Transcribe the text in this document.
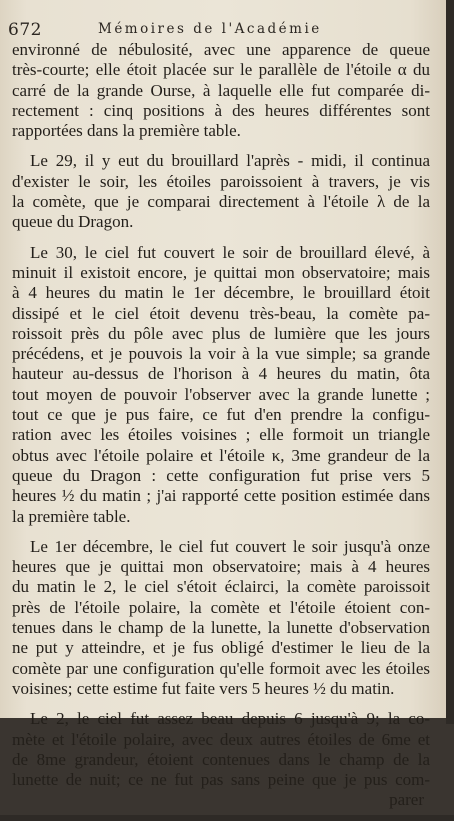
672	Mémoires de l'Académie
environné de nébulosité, avec une apparence de queue
très-courte; elle étoit placée sur le parallèle de l'étoile α du
carré de la grande Ourse, à laquelle elle fut comparée di-
rectement : cinq positions à des heures différentes sont
rapportées dans la première table.
Le 29, il y eut du brouillard l'après - midi, il continua
d'exister le soir, les étoiles paroissoient à travers, je vis
la comète, que je comparai directement à l'étoile λ de la
queue du Dragon.
Le 30, le ciel fut couvert le soir de brouillard élevé, à
minuit il existoit encore, je quittai mon observatoire; mais
à 4 heures du matin le 1er décembre, le brouillard étoit
dissipé et le ciel étoit devenu très-beau, la comète pa-
roissoit près du pôle avec plus de lumière que les jours
précédens, et je pouvois la voir à la vue simple; sa grande
hauteur au-dessus de l'horison à 4 heures du matin, ôta
tout moyen de pouvoir l'observer avec la grande lunette ;
tout ce que je pus faire, ce fut d'en prendre la configu-
ration avec les étoiles voisines ; elle formoit un triangle
obtus avec l'étoile polaire et l'étoile κ, 3me grandeur de la
queue du Dragon : cette configuration fut prise vers 5
heures ½ du matin ; j'ai rapporté cette position estimée dans
la première table.
Le 1er décembre, le ciel fut couvert le soir jusqu'à onze
heures que je quittai mon observatoire; mais à 4 heures
du matin le 2, le ciel s'étoit éclairci, la comète paroissoit
près de l'étoile polaire, la comète et l'étoile étoient con-
tenues dans le champ de la lunette, la lunette d'observation
ne put y atteindre, et je fus obligé d'estimer le lieu de la
comète par une configuration qu'elle formoit avec les étoiles
voisines; cette estime fut faite vers 5 heures ½ du matin.
Le 2, le ciel fut assez beau depuis 6 jusqu'à 9; la co-
mète et l'étoile polaire, avec deux autres étoiles de 6me et
de 8me grandeur, étoient contenues dans le champ de la
lunette de nuit; ce ne fut pas sans peine que je pus com-
parer
